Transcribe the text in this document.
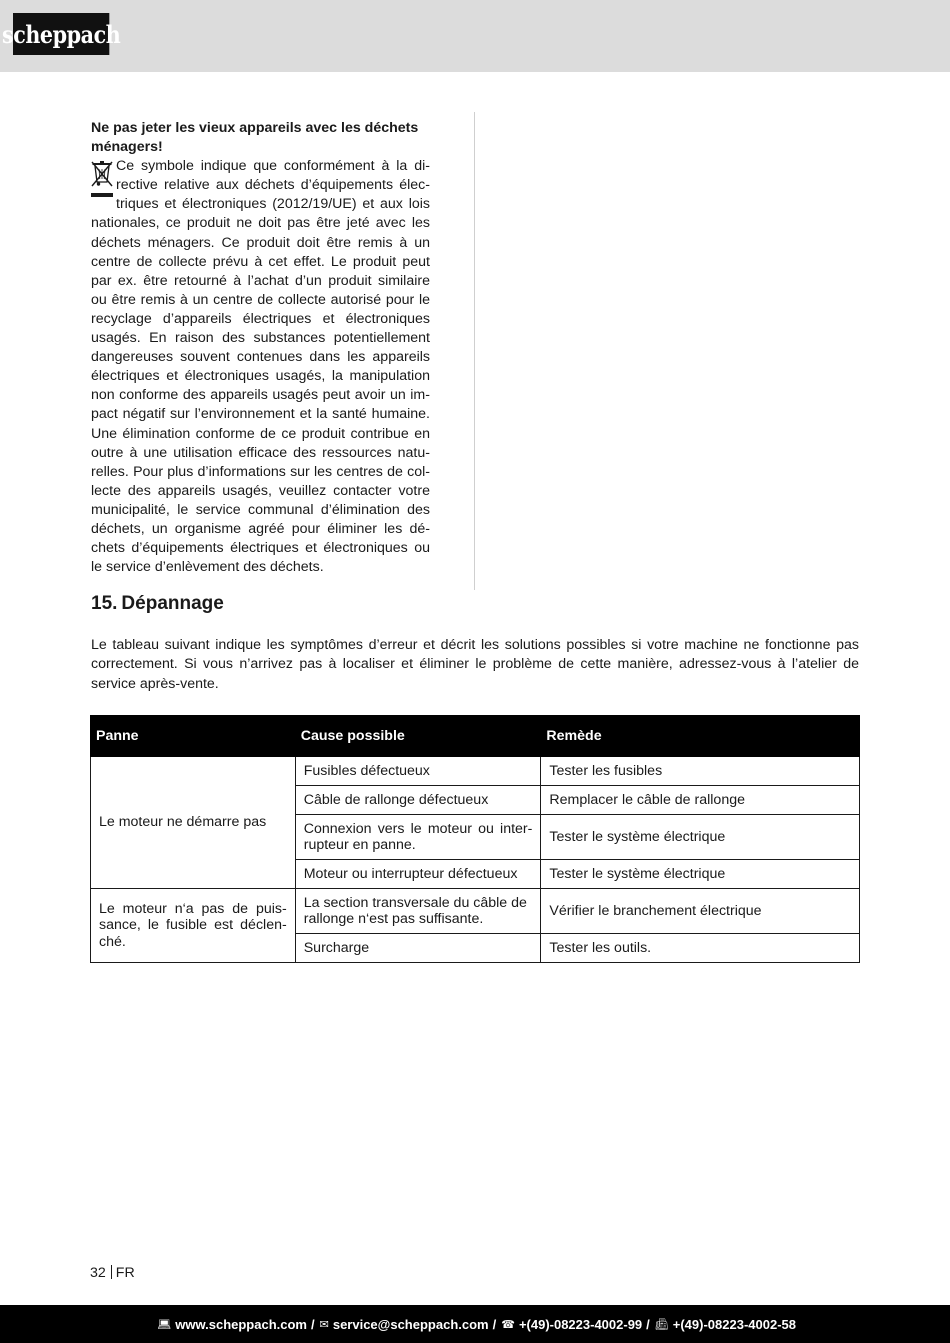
scheppach

Ne pas jeter les vieux appareils avec les déchets ménagers!

Ce symbole indique que conformément à la directive relative aux déchets d’équipements électriques et électroniques (2012/19/UE) et aux lois nationales, ce produit ne doit pas être jeté avec les déchets ménagers. Ce produit doit être remis à un centre de collecte prévu à cet effet. Le produit peut par ex. être retourné à l’achat d’un produit similaire ou être remis à un centre de collecte autorisé pour le recyclage d’appareils électriques et électroniques usagés. En raison des substances potentiellement dangereuses souvent contenues dans les appareils électriques et électroniques usagés, la manipulation non conforme des appareils usagés peut avoir un impact négatif sur l’environnement et la santé humaine. Une élimination conforme de ce produit contribue en outre à une utilisation efficace des ressources naturelles. Pour plus d’informations sur les centres de collecte des appareils usagés, veuillez contacter votre municipalité, le service communal d’élimination des déchets, un organisme agréé pour éliminer les déchets d’équipements électriques et électroniques ou le service d’enlèvement des déchets.

15. Dépannage

Le tableau suivant indique les symptômes d’erreur et décrit les solutions possibles si votre machine ne fonctionne pas correctement. Si vous n’arrivez pas à localiser et éliminer le problème de cette manière, adressez-vous à l’atelier de service après-vente.

Panne	Cause possible	Remède
Le moteur ne démarre pas	Fusibles défectueux	Tester les fusibles
	Câble de rallonge défectueux	Remplacer le câble de rallonge
	Connexion vers le moteur ou interrupteur en panne.	Tester le système électrique
	Moteur ou interrupteur défectueux	Tester le système électrique
Le moteur n‘a pas de puissance, le fusible est déclenché.	La section transversale du câble de rallonge n‘est pas suffisante.	Vérifier le branchement électrique
	Surcharge	Tester les outils.
32 FR
💻︎ www.scheppach.com / ✉︎ service@scheppach.com / ☎︎ +(49)-08223-4002-99 / 📠︎ +(49)-08223-4002-58
